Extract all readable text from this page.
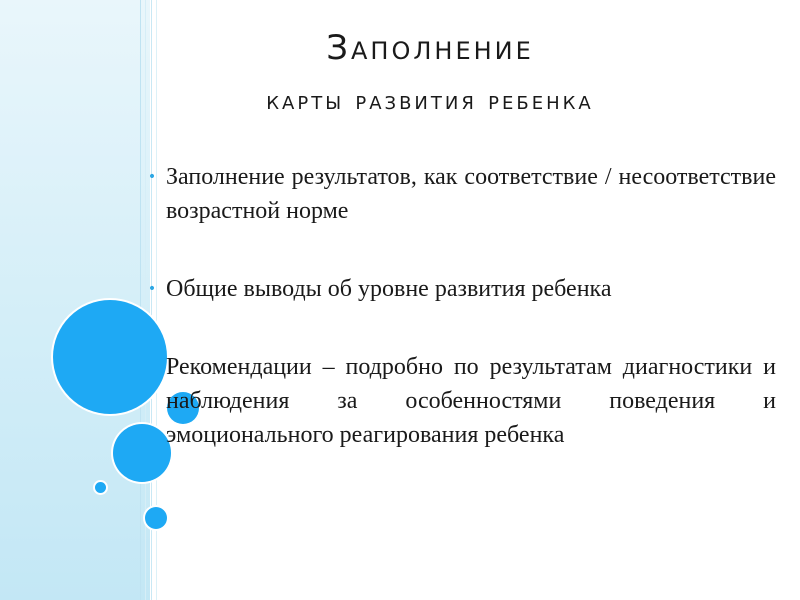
Заполнение
карты развития ребенка
• Заполнение результатов, как соответствие / несоответствие возрастной норме
• Общие выводы об уровне развития ребенка
Рекомендации – подробно по результатам диагностики и наблюдения за особенностями поведения и эмоционального реагирования ребенка
